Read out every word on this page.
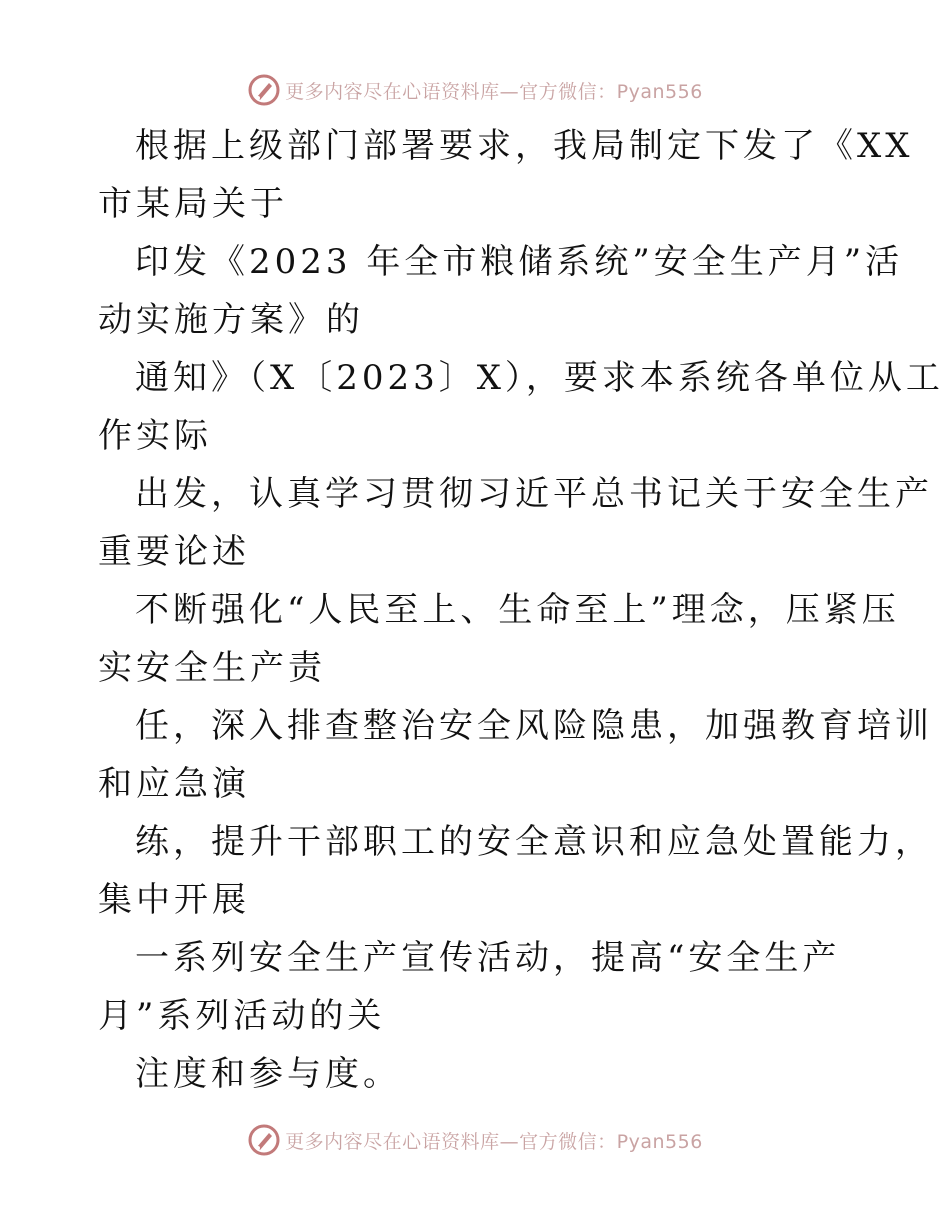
更多内容尽在心语资料库—官方微信：Pyan556
根据上级部门部署要求，我局制定下发了《XX
市某局关于
印发《2023 年全市粮储系统”安全生产月”活
动实施方案》的
通知》（X〔2023〕X），要求本系统各单位从工
作实际
出发，认真学习贯彻习近平总书记关于安全生产
重要论述
不断强化“人民至上、生命至上”理念，压紧压
实安全生产责
任，深入排查整治安全风险隐患，加强教育培训
和应急演
练，提升干部职工的安全意识和应急处置能力，
集中开展
一系列安全生产宣传活动，提高“安全生产
月”系列活动的关
注度和参与度。
更多内容尽在心语资料库—官方微信：Pyan556
